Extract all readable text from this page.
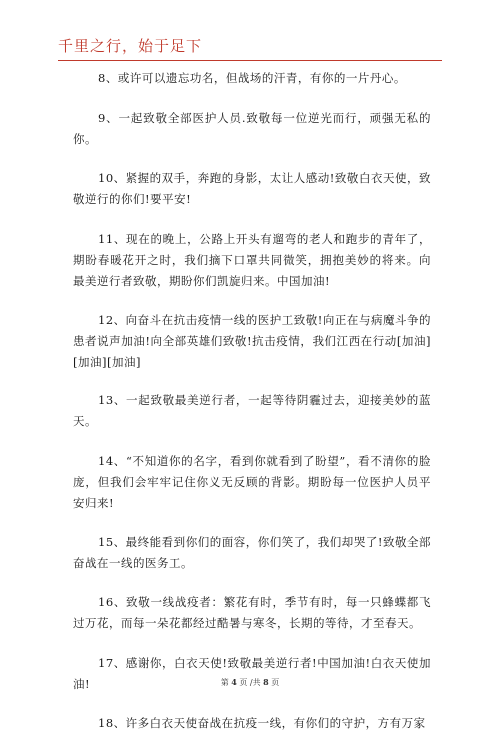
千里之行，始于足下

8、或许可以遗忘功名，但战场的汗青，有你的一片丹心。

9、一起致敬全部医护人员.致敬每一位逆光而行，顽强无私的你。

10、紧握的双手，奔跑的身影，太让人感动!致敬白衣天使，致敬逆行的你们!要平安!

11、现在的晚上，公路上开头有遛弯的老人和跑步的青年了，期盼春暖花开之时，我们摘下口罩共同微笑，拥抱美妙的将来。向最美逆行者致敬，期盼你们凯旋归来。中国加油!

12、向奋斗在抗击疫情一线的医护工致敬!向正在与病魔斗争的患者说声加油!向全部英雄们致敬!抗击疫情，我们江西在行动[加油][加油][加油]

13、一起致敬最美逆行者，一起等待阴霾过去，迎接美妙的蓝天。

14、“不知道你的名字，看到你就看到了盼望”，看不清你的脸庞，但我们会牢牢记住你义无反顾的背影。期盼每一位医护人员平安归来!

15、最终能看到你们的面容，你们笑了，我们却哭了!致敬全部奋战在一线的医务工。

16、致敬一线战疫者：繁花有时，季节有时，每一只蜂蝶都飞过万花，而每一朵花都经过酷暑与寒冬，长期的等待，才至春天。

17、感谢你，白衣天使!致敬最美逆行者!中国加油!白衣天使加油!

18、许多白衣天使奋战在抗疫一线，有你们的守护，方有万家

第 4 页 /共 8 页
